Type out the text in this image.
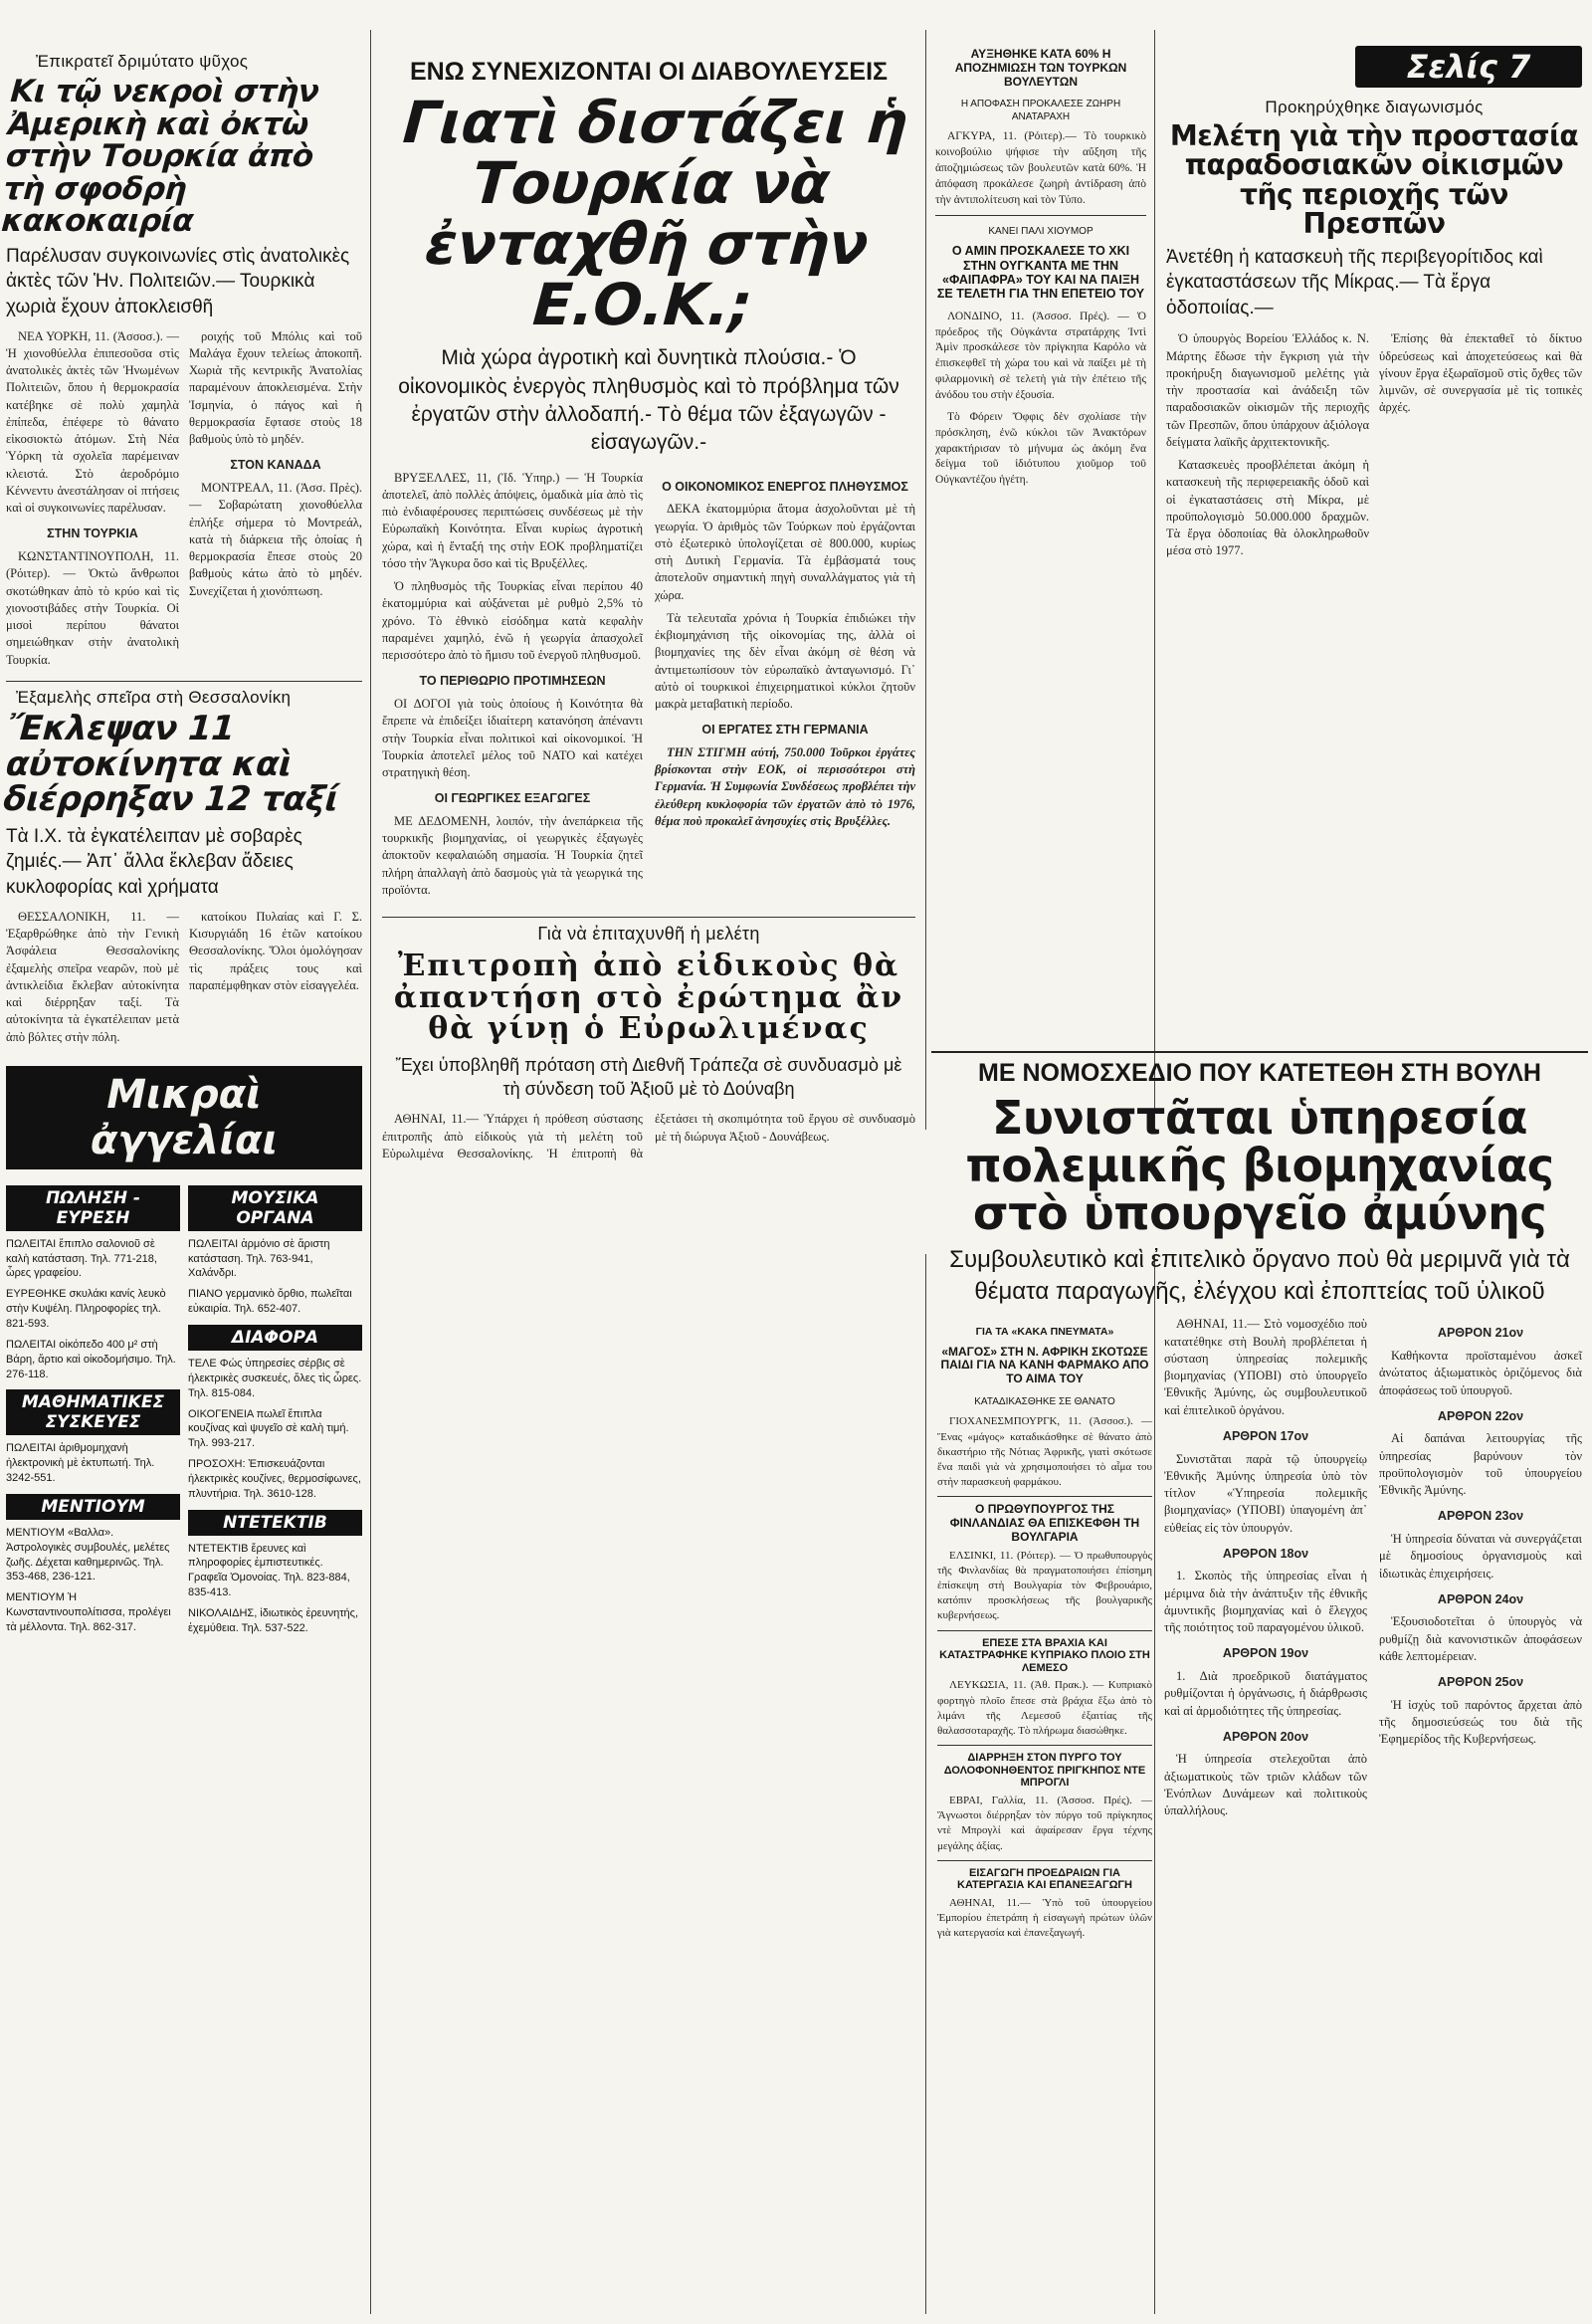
Ἐπικρατεῖ δριμύτατο ψῦχος
Κι τῷ νεκροὶ στὴν Ἀμερικὴ καὶ ὀκτὼ στὴν Τουρκία ἀπὸ τὴ σφοδρὴ κακοκαιρία
Παρέλυσαν συγκοινωνίες στὶς ἀνατολικὲς ἀκτὲς τῶν Ἡν. Πολιτειῶν.— Τουρκικὰ χωριὰ ἔχουν ἀποκλεισθῆ

ΝΕΑ ΥΟΡΚΗ, 11. (Ἀσσοσ.). — Ἡ χιονοθύελλα ἐπιπεσοῦσα στὶς ἀνατολικὲς ἀκτὲς τῶν Ἡνωμένων Πολιτειῶν, ὅπου ἡ θερμοκρασία κατέβηκε σὲ πολὺ χαμηλὰ ἐπίπεδα, ἐπέφερε τὸ θάνατο εἰκοσιοκτὼ ἀτόμων. Στὴ Νέα Ὑόρκη τὰ σχολεῖα παρέμειναν κλειστά. Στὸ ἀεροδρόμιο Κέννεντυ ἀνεστάλησαν οἱ πτήσεις καὶ οἱ συγκοινωνίες παρέλυσαν.

ΣΤΗΝ ΤΟΥΡΚΙΑ

ΚΩΝΣΤΑΝΤΙΝΟΥΠΟΛΗ, 11. (Ρόιτερ). — Ὀκτὼ ἄνθρωποι σκοτώθηκαν ἀπὸ τὸ κρύο καὶ τὶς χιονοστιβάδες στὴν Τουρκία. Οἱ μισοὶ περίπου θάνατοι σημειώθηκαν στὴν ἀνατολικὴ Τουρκία.

ροιχής τοῦ Μπόλις καὶ τοῦ Μαλάγα ἔχουν τελείως ἀποκοπῆ. Χωριὰ τῆς κεντρικῆς Ἀνατολίας παραμένουν ἀποκλεισμένα. Στὴν Ἰσμηνία, ὁ πάγος καὶ ἡ θερμοκρασία ἔφτασε στοὺς 18 βαθμοὺς ὑπὸ τὸ μηδέν.

ΣΤΟΝ ΚΑΝΑΔΑ

ΜΟΝΤΡΕΑΛ, 11. (Ἀσσ. Πρὲς). — Σοβαρώτατη χιονοθύελλα ἐπλήξε σήμερα τὸ Μοντρεάλ, κατὰ τὴ διάρκεια τῆς ὁποίας ἡ θερμοκρασία ἔπεσε στοὺς 20 βαθμοὺς κάτω ἀπὸ τὸ μηδέν. Συνεχίζεται ἡ χιονόπτωση.

Ἐξαμελὴς σπεῖρα στὴ Θεσσαλονίκη
Ἔκλεψαν 11 αὐτοκίνητα καὶ διέρρηξαν 12 ταξί
Τὰ Ι.Χ. τὰ ἐγκατέλειπαν μὲ σοβαρὲς ζημιές.— Ἀπ᾽ ἄλλα ἔκλεβαν ἄδειες κυκλοφορίας καὶ χρήματα

ΘΕΣΣΑΛΟΝΙΚΗ, 11. — Ἐξαρθρώθηκε ἀπὸ τὴν Γενικὴ Ἀσφάλεια Θεσσαλονίκης ἐξαμελὴς σπεῖρα νεαρῶν, ποὺ μὲ ἀντικλείδια ἔκλεβαν αὐτοκίνητα καὶ διέρρηξαν ταξί. Τὰ αὐτοκίνητα τὰ ἐγκατέλειπαν μετὰ ἀπὸ βόλτες στὴν πόλη.

κατοίκου Πυλαίας καὶ Γ. Σ. Κισυργιάδη 16 ἐτῶν κατοίκου Θεσσαλονίκης. Ὅλοι ὁμολόγησαν τὶς πράξεις τους καὶ παραπέμφθηκαν στὸν εἰσαγγελέα.

Μικραὶ ἀγγελίαι
ΠΩΛΗΣΗ - ΕΥΡΕΣΗ
ΠΩΛΕΙΤΑΙ ἔπιπλο σαλονιοῦ σὲ καλὴ κατάσταση. Τηλ. 771-218, ὧρες γραφείου.
ΕΥΡΕΘΗΚΕ σκυλάκι κανίς λευκὸ στὴν Κυψέλη. Πληροφορίες τηλ. 821-593.
ΠΩΛΕΙΤΑΙ οἰκόπεδο 400 μ² στὴ Βάρη, ἄρτιο καὶ οἰκοδομήσιμο. Τηλ. 276-118.
ΜΑΘΗΜΑΤΙΚΕΣ ΣΥΣΚΕΥΕΣ
ΠΩΛΕΙΤΑΙ ἀριθμομηχανὴ ἠλεκτρονικὴ μὲ ἐκτυπωτή. Τηλ. 3242-551.
ΜΕΝΤΙΟΥΜ
ΜΕΝΤΙΟΥΜ «Βαλλα». Ἀστρολογικὲς συμβουλές, μελέτες ζωῆς. Δέχεται καθημερινῶς. Τηλ. 353-468, 236-121.
ΜΕΝΤΙΟΥΜ Ἡ Κωνσταντινουπολίτισσα, προλέγει τὰ μέλλοντα. Τηλ. 862-317.
ΜΟΥΣΙΚΑ ΟΡΓΑΝΑ
ΠΩΛΕΙΤΑΙ ἁρμόνιο σὲ ἄριστη κατάσταση. Τηλ. 763-941, Χαλάνδρι.
ΠΙΑΝΟ γερμανικὸ ὄρθιο, πωλεῖται εὐκαιρία. Τηλ. 652-407.
ΔΙΑΦΟΡΑ
ΤΕΛΕ Φώς ὑπηρεσίες σέρβις σὲ ἠλεκτρικὲς συσκευές, ὅλες τὶς ὧρες. Τηλ. 815-084.
ΟΙΚΟΓΕΝΕΙΑ πωλεῖ ἔπιπλα κουζίνας καὶ ψυγεῖο σὲ καλὴ τιμή. Τηλ. 993-217.
ΠΡΟΣΟΧΗ: Ἐπισκευάζονται ἠλεκτρικὲς κουζίνες, θερμοσίφωνες, πλυντήρια. Τηλ. 3610-128.
ΝΤΕΤΕΚΤΙΒ
ΝΤΕΤΕΚΤΙΒ ἔρευνες καὶ πληροφορίες ἐμπιστευτικές. Γραφεῖα Ὁμονοίας. Τηλ. 823-884, 835-413.
ΝΙΚΟΛΑΙΔΗΣ, ἰδιωτικὸς ἐρευνητής, ἐχεμύθεια. Τηλ. 537-522.
ΕΝΩ ΣΥΝΕΧΙΖΟΝΤΑΙ ΟΙ ΔΙΑΒΟΥΛΕΥΣΕΙΣ
Γιατὶ διστάζει ἡ Τουρκία νὰ ἐνταχθῆ στὴν Ε.Ο.Κ.;
Μιὰ χώρα ἀγροτικὴ καὶ δυνητικὰ πλούσια.- Ὁ οἰκονομικὸς ἐνεργὸς πληθυσμὸς καὶ τὸ πρόβλημα τῶν ἐργατῶν στὴν ἀλλοδαπή.- Τὸ θέμα τῶν ἐξαγωγῶν - εἰσαγωγῶν.-

ΒΡΥΞΕΛΛΕΣ, 11, (Ἰδ. Ὑπηρ.) — Ἡ Τουρκία ἀποτελεῖ, ἀπὸ πολλὲς ἀπόψεις, ὁμαδικὰ μία ἀπὸ τὶς πιὸ ἐνδιαφέρουσες περιπτώσεις συνδέσεως μὲ τὴν Εὐρωπαϊκὴ Κοινότητα. Εἶναι κυρίως ἀγροτικὴ χώρα, καὶ ἡ ἔνταξή της στὴν ΕΟΚ προβληματίζει τόσο τὴν Ἄγκυρα ὅσο καὶ τὶς Βρυξέλλες.

Ὁ πληθυσμὸς τῆς Τουρκίας εἶναι περίπου 40 ἑκατομμύρια καὶ αὐξάνεται μὲ ρυθμὸ 2,5% τὸ χρόνο. Τὸ ἐθνικὸ εἰσόδημα κατὰ κεφαλὴν παραμένει χαμηλό, ἐνῶ ἡ γεωργία ἀπασχολεῖ περισσότερο ἀπὸ τὸ ἥμισυ τοῦ ἐνεργοῦ πληθυσμοῦ.

ΤΟ ΠΕΡΙΘΩΡΙΟ ΠΡΟΤΙΜΗΣΕΩΝ

ΟΙ ΔΟΓΟΙ γιὰ τοὺς ὁποίους ἡ Κοινότητα θὰ ἔπρεπε νὰ ἐπιδείξει ἰδιαίτερη κατανόηση ἀπέναντι στὴν Τουρκία εἶναι πολιτικοὶ καὶ οἰκονομικοί. Ἡ Τουρκία ἀποτελεῖ μέλος τοῦ ΝΑΤΟ καὶ κατέχει στρατηγικὴ θέση.

ΟΙ ΓΕΩΡΓΙΚΕΣ ΕΞΑΓΩΓΕΣ

ΜΕ ΔΕΔΟΜΕΝΗ, λοιπόν, τὴν ἀνεπάρκεια τῆς τουρκικῆς βιομηχανίας, οἱ γεωργικὲς ἐξαγωγὲς ἀποκτοῦν κεφαλαιώδη σημασία. Ἡ Τουρκία ζητεῖ πλήρη ἀπαλλαγὴ ἀπὸ δασμοὺς γιὰ τὰ γεωργικά της προϊόντα.

Ο ΟΙΚΟΝΟΜΙΚΟΣ ΕΝΕΡΓΟΣ ΠΛΗΘΥΣΜΟΣ

ΔΕΚΑ ἑκατομμύρια ἄτομα ἀσχολοῦνται μὲ τὴ γεωργία. Ὁ ἀριθμὸς τῶν Τούρκων ποὺ ἐργάζονται στὸ ἐξωτερικὸ ὑπολογίζεται σὲ 800.000, κυρίως στὴ Δυτικὴ Γερμανία. Τὰ ἐμβάσματά τους ἀποτελοῦν σημαντικὴ πηγὴ συναλλάγματος γιὰ τὴ χώρα.

Τὰ τελευταῖα χρόνια ἡ Τουρκία ἐπιδιώκει τὴν ἐκβιομηχάνιση τῆς οἰκονομίας της, ἀλλὰ οἱ βιομηχανίες της δὲν εἶναι ἀκόμη σὲ θέση νὰ ἀντιμετωπίσουν τὸν εὐρωπαϊκὸ ἀνταγωνισμό. Γι᾽ αὐτὸ οἱ τουρκικοὶ ἐπιχειρηματικοὶ κύκλοι ζητοῦν μακρὰ μεταβατικὴ περίοδο.

ΟΙ ΕΡΓΑΤΕΣ ΣΤΗ ΓΕΡΜΑΝΙΑ

ΤΗΝ ΣΤΙΓΜΗ αὐτή, 750.000 Τοῦρκοι ἐργάτες βρίσκονται στὴν ΕΟΚ, οἱ περισσότεροι στὴ Γερμανία. Ἡ Συμφωνία Συνδέσεως προβλέπει τὴν ἐλεύθερη κυκλοφορία τῶν ἐργατῶν ἀπὸ τὸ 1976, θέμα ποὺ προκαλεῖ ἀνησυχίες στὶς Βρυξέλλες.

Γιὰ νὰ ἐπιταχυνθῆ ἡ μελέτη
Ἐπιτροπὴ ἀπὸ εἰδικοὺς θὰ ἀπαντήση στὸ ἐρώτημα ἂν θὰ γίνῃ ὁ Εὐρωλιμένας
Ἔχει ὑποβληθῆ πρόταση στὴ Διεθνῆ Τράπεζα σὲ συνδυασμὸ μὲ τὴ σύνδεση τοῦ Ἀξιοῦ μὲ τὸ Δούναβη

ΑΘΗΝΑΙ, 11.— Ὑπάρχει ἡ πρόθεση σύστασης ἐπιτροπῆς ἀπὸ εἰδικοὺς γιὰ τὴ μελέτη τοῦ Εὐρωλιμένα Θεσσαλονίκης. Ἡ ἐπιτροπὴ θὰ ἐξετάσει τὴ σκοπιμότητα τοῦ ἔργου σὲ συνδυασμὸ μὲ τὴ διώρυγα Ἀξιοῦ - Δουνάβεως.

ΑΥΞΗΘΗΚΕ ΚΑΤΑ 60% Η ΑΠΟΖΗΜΙΩΣΗ ΤΩΝ ΤΟΥΡΚΩΝ ΒΟΥΛΕΥΤΩΝ
Η ΑΠΟΦΑΣΗ ΠΡΟΚΑΛΕΣΕ ΖΩΗΡΗ ΑΝΑΤΑΡΑΧΗ

ΑΓΚΥΡΑ, 11. (Ρόιτερ).— Τὸ τουρκικὸ κοινοβούλιο ψήφισε τὴν αὔξηση τῆς ἀποζημιώσεως τῶν βουλευτῶν κατὰ 60%. Ἡ ἀπόφαση προκάλεσε ζωηρὴ ἀντίδραση ἀπὸ τὴν ἀντιπολίτευση καὶ τὸν Τύπο.

ΚΑΝΕΙ ΠΑΛΙ ΧΙΟΥΜΟΡ
Ο ΑΜΙΝ ΠΡΟΣΚΑΛΕΣΕ ΤΟ ΧΚΙ ΣΤΗΝ ΟΥΓΚΑΝΤΑ ΜΕ ΤΗΝ «ΦΑΙΠΑΦΡΑ» ΤΟΥ ΚΑΙ ΝΑ ΠΑΙΞΗ ΣΕ ΤΕΛΕΤΗ ΓΙΑ ΤΗΝ ΕΠΕΤΕΙΟ ΤΟΥ

ΛΟΝΔΙΝΟ, 11. (Ἀσσοσ. Πρές). — Ὁ πρόεδρος τῆς Οὐγκάντα στρατάρχης Ἰντὶ Ἀμὶν προσκάλεσε τὸν πρίγκηπα Καρόλο νὰ ἐπισκεφθεῖ τὴ χώρα του καὶ νὰ παίξει μὲ τὴ φιλαρμονικὴ σὲ τελετὴ γιὰ τὴν ἐπέτειο τῆς ἀνόδου του στὴν ἐξουσία.

Τὸ Φόρειν Ὄφφις δὲν σχολίασε τὴν πρόσκληση, ἐνῶ κύκλοι τῶν Ἀνακτόρων χαρακτήρισαν τὸ μήνυμα ὡς ἀκόμη ἕνα δείγμα τοῦ ἰδιότυπου χιοῦμορ τοῦ Οὐγκαντέζου ἡγέτη.

Σελίς 7
Προκηρύχθηκε διαγωνισμός
Μελέτη γιὰ τὴν προστασία παραδοσιακῶν οἰκισμῶν τῆς περιοχῆς τῶν Πρεσπῶν
Ἀνετέθη ἡ κατασκευὴ τῆς περιβεγορίτιδος καὶ ἐγκαταστάσεων τῆς Μίκρας.— Τὰ ἔργα ὁδοποιίας.—

Ὁ ὑπουργὸς Βορείου Ἑλλάδος κ. Ν. Μάρτης ἔδωσε τὴν ἔγκριση γιὰ τὴν προκήρυξη διαγωνισμοῦ μελέτης γιὰ τὴν προστασία καὶ ἀνάδειξη τῶν παραδοσιακῶν οἰκισμῶν τῆς περιοχῆς τῶν Πρεσπῶν, ὅπου ὑπάρχουν ἀξιόλογα δείγματα λαϊκῆς ἀρχιτεκτονικῆς.

Κατασκευὲς προοβλέπεται ἀκόμη ἡ κατασκευὴ τῆς περιφερειακῆς ὁδοῦ καὶ οἱ ἐγκαταστάσεις στὴ Μίκρα, μὲ προϋπολογισμὸ 50.000.000 δραχμῶν. Τὰ ἔργα ὁδοποιίας θὰ ὁλοκληρωθοῦν μέσα στὸ 1977.

Ἐπίσης θὰ ἐπεκταθεῖ τὸ δίκτυο ὑδρεύσεως καὶ ἀποχετεύσεως καὶ θὰ γίνουν ἔργα ἐξωραϊσμοῦ στὶς ὄχθες τῶν λιμνῶν, σὲ συνεργασία μὲ τὶς τοπικὲς ἀρχές.

ΜΕ ΝΟΜΟΣΧΕΔΙΟ ΠΟΥ ΚΑΤΕΤΕΘΗ ΣΤΗ ΒΟΥΛΗ
Συνιστᾶται ὑπηρεσία πολεμικῆς βιομηχανίας στὸ ὑπουργεῖο ἀμύνης
Συμβουλευτικὸ καὶ ἐπιτελικὸ ὄργανο ποὺ θὰ μεριμνᾶ γιὰ τὰ θέματα παραγωγῆς, ἐλέγχου καὶ ἐποπτείας τοῦ ὑλικοῦ
ΓΙΑ ΤΑ «ΚΑΚΑ ΠΝΕΥΜΑΤΑ»
«ΜΑΓΟΣ» ΣΤΗ Ν. ΑΦΡΙΚΗ ΣΚΟΤΩΣΕ ΠΑΙΔΙ ΓΙΑ ΝΑ ΚΑΝΗ ΦΑΡΜΑΚΟ ΑΠΟ ΤΟ ΑΙΜΑ ΤΟΥ
ΚΑΤΑΔΙΚΑΣΘΗΚΕ ΣΕ ΘΑΝΑΤΟ

ΓΙΟΧΑΝΕΣΜΠΟΥΡΓΚ, 11. (Ἀσσοσ.). — Ἕνας «μάγος» καταδικάσθηκε σὲ θάνατο ἀπὸ δικαστήριο τῆς Νότιας Ἀφρικῆς, γιατὶ σκότωσε ἕνα παιδὶ γιὰ νὰ χρησιμοποιήσει τὸ αἷμα του στὴν παρασκευὴ φαρμάκου.

Ο ΠΡΩΘΥΠΟΥΡΓΟΣ ΤΗΣ ΦΙΝΛΑΝΔΙΑΣ ΘΑ ΕΠΙΣΚΕΦΘΗ ΤΗ ΒΟΥΛΓΑΡΙΑ

ΕΛΣΙΝΚΙ, 11. (Ρόιτερ). — Ὁ πρωθυπουργὸς τῆς Φινλανδίας θὰ πραγματοποιήσει ἐπίσημη ἐπίσκεψη στὴ Βουλγαρία τὸν Φεβρουάριο, κατόπιν προσκλήσεως τῆς βουλγαρικῆς κυβερνήσεως.

ΕΠΕΣΕ ΣΤΑ ΒΡΑΧΙΑ ΚΑΙ ΚΑΤΑΣΤΡΑΦΗΚΕ ΚΥΠΡΙΑΚΟ ΠΛΟΙΟ ΣΤΗ ΛΕΜΕΣΟ

ΛΕΥΚΩΣΙΑ, 11. (Ἀθ. Πρακ.). — Κυπριακὸ φορτηγὸ πλοῖο ἔπεσε στὰ βράχια ἔξω ἀπὸ τὸ λιμάνι τῆς Λεμεσοῦ ἐξαιτίας τῆς θαλασσοταραχῆς. Τὸ πλήρωμα διασώθηκε.

ΔΙΑΡΡΗΞΗ ΣΤΟΝ ΠΥΡΓΟ ΤΟΥ ΔΟΛΟΦΟΝΗΘΕΝΤΟΣ ΠΡΙΓΚΗΠΟΣ ΝΤΕ ΜΠΡΟΓΛΙ

ΕΒΡΑΙ, Γαλλία, 11. (Ἀσσοσ. Πρές). — Ἄγνωστοι διέρρηξαν τὸν πύργο τοῦ πρίγκηπος ντὲ Μπρογλί καὶ ἀφαίρεσαν ἔργα τέχνης μεγάλης ἀξίας.

ΕΙΣΑΓΩΓΗ ΠΡΟΕΔΡΑΙΩΝ ΓΙΑ ΚΑΤΕΡΓΑΣΙΑ ΚΑΙ ΕΠΑΝΕΞΑΓΩΓΗ

ΑΘΗΝΑΙ, 11.— Ὑπὸ τοῦ ὑπουργείου Ἐμπορίου ἐπετράπη ἡ εἰσαγωγὴ πρώτων ὑλῶν γιὰ κατεργασία καὶ ἐπανεξαγωγή.

ΑΘΗΝΑΙ, 11.— Στὸ νομοσχέδιο ποὺ κατατέθηκε στὴ Βουλὴ προβλέπεται ἡ σύσταση ὑπηρεσίας πολεμικῆς βιομηχανίας (ΥΠΟΒΙ) στὸ ὑπουργεῖο Ἐθνικῆς Ἀμύνης, ὡς συμβουλευτικοῦ καὶ ἐπιτελικοῦ ὀργάνου.

ΑΡΘΡΟΝ 17ον

Συνιστᾶται παρὰ τῷ ὑπουργείῳ Ἐθνικῆς Ἀμύνης ὑπηρεσία ὑπὸ τὸν τίτλον «Ὑπηρεσία πολεμικῆς βιομηχανίας» (ΥΠΟΒΙ) ὑπαγομένη ἀπ᾽ εὐθείας εἰς τὸν ὑπουργόν.

ΑΡΘΡΟΝ 18ον

1. Σκοπὸς τῆς ὑπηρεσίας εἶναι ἡ μέριμνα διὰ τὴν ἀνάπτυξιν τῆς ἐθνικῆς ἀμυντικῆς βιομηχανίας καὶ ὁ ἔλεγχος τῆς ποιότητος τοῦ παραγομένου ὑλικοῦ.

ΑΡΘΡΟΝ 19ον

1. Διὰ προεδρικοῦ διατάγματος ρυθμίζονται ἡ ὀργάνωσις, ἡ διάρθρωσις καὶ αἱ ἁρμοδιότητες τῆς ὑπηρεσίας.

ΑΡΘΡΟΝ 20ον

Ἡ ὑπηρεσία στελεχοῦται ἀπὸ ἀξιωματικοὺς τῶν τριῶν κλάδων τῶν Ἐνόπλων Δυνάμεων καὶ πολιτικοὺς ὑπαλλήλους.

ΑΡΘΡΟΝ 21ον

Καθήκοντα προϊσταμένου ἀσκεῖ ἀνώτατος ἀξιωματικὸς ὁριζόμενος διὰ ἀποφάσεως τοῦ ὑπουργοῦ.

ΑΡΘΡΟΝ 22ον

Αἱ δαπάναι λειτουργίας τῆς ὑπηρεσίας βαρύνουν τὸν προϋπολογισμὸν τοῦ ὑπουργείου Ἐθνικῆς Ἀμύνης.

ΑΡΘΡΟΝ 23ον

Ἡ ὑπηρεσία δύναται νὰ συνεργάζεται μὲ δημοσίους ὀργανισμοὺς καὶ ἰδιωτικὰς ἐπιχειρήσεις.

ΑΡΘΡΟΝ 24ον

Ἐξουσιοδοτεῖται ὁ ὑπουργὸς νὰ ρυθμίζῃ διὰ κανονιστικῶν ἀποφάσεων κάθε λεπτομέρειαν.

ΑΡΘΡΟΝ 25ον

Ἡ ἰσχὺς τοῦ παρόντος ἄρχεται ἀπὸ τῆς δημοσιεύσεώς του διὰ τῆς Ἐφημερίδος τῆς Κυβερνήσεως.
